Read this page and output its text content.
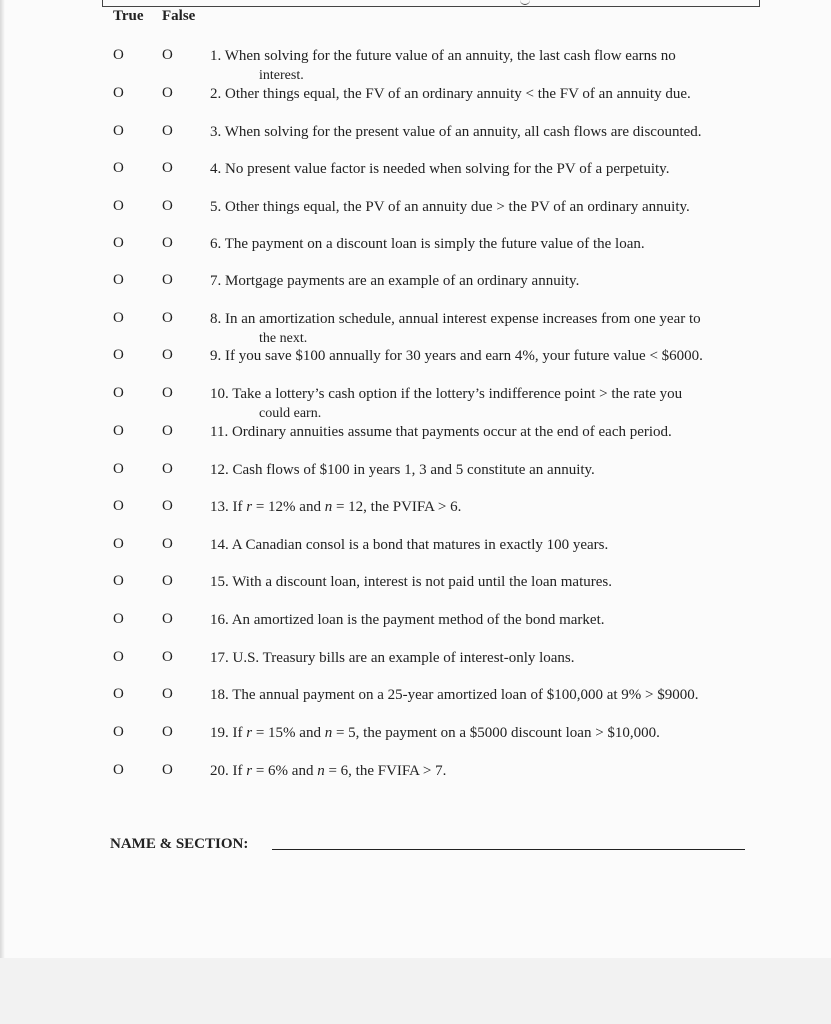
True False
O	O 1. When solving for the future value of an annuity, the last cash flow earns no
interest.
O	O 2. Other things equal, the FV of an ordinary annuity < the FV of an annuity due.
O	O 3. When solving for the present value of an annuity, all cash flows are discounted.
O	O 4. No present value factor is needed when solving for the PV of a perpetuity.
O	O 5. Other things equal, the PV of an annuity due > the PV of an ordinary annuity.
O	O 6. The payment on a discount loan is simply the future value of the loan.
O	O 7. Mortgage payments are an example of an ordinary annuity.
O	O 8. In an amortization schedule, annual interest expense increases from one year to
the next.
O	O 9. If you save $100 annually for 30 years and earn 4%, your future value < $6000.
O	O 10. Take a lottery’s cash option if the lottery’s indifference point > the rate you
could earn.
O	O 11. Ordinary annuities assume that payments occur at the end of each period.
O	O 12. Cash flows of $100 in years 1, 3 and 5 constitute an annuity.
O	O 13. If r = 12% and n = 12, the PVIFA > 6.
O	O 14. A Canadian consol is a bond that matures in exactly 100 years.
O	O 15. With a discount loan, interest is not paid until the loan matures.
O	O 16. An amortized loan is the payment method of the bond market.
O	O 17. U.S. Treasury bills are an example of interest-only loans.
O	O 18. The annual payment on a 25-year amortized loan of $100,000 at 9% > $9000.
O	O 19. If r = 15% and n = 5, the payment on a $5000 discount loan > $10,000.
O	O 20. If r = 6% and n = 6, the FVIFA > 7.
NAME & SECTION:
